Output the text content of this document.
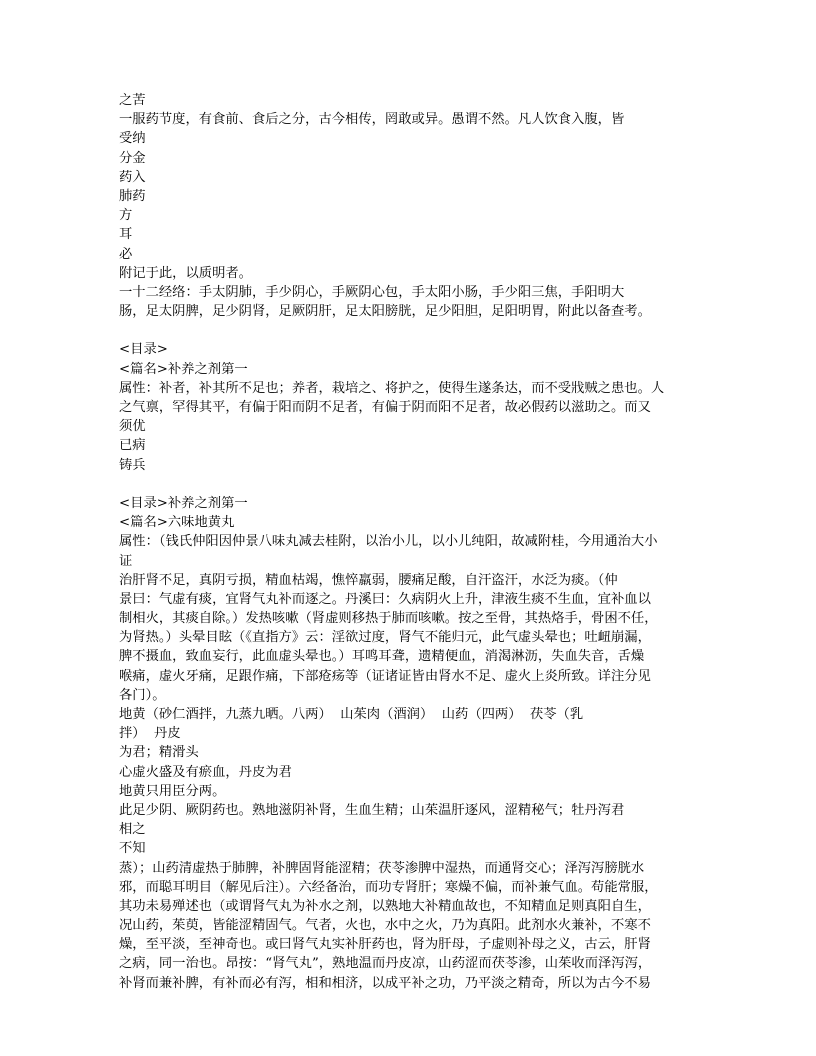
之苦
一服药节度，有食前、食后之分，古今相传，罔敢或异。愚谓不然。凡人饮食入腹，皆
受纳
分金
药入
肺药
方
耳
必
附记于此，以质明者。
一十二经络：手太阴肺，手少阴心，手厥阴心包，手太阳小肠，手少阳三焦，手阳明大
肠，足太阴脾，足少阴肾，足厥阴肝，足太阳膀胱，足少阳胆，足阳明胃，附此以备查考。
<目录>
<篇名>补养之剂第一
属性：补者，补其所不足也；养者，栽培之、将护之，使得生遂条达，而不受戕贼之患也。人
之气禀，罕得其平，有偏于阳而阴不足者，有偏于阴而阳不足者，故必假药以滋助之。而又
须优
已病
铸兵
<目录>补养之剂第一
<篇名>六味地黄丸
属性：（钱氏仲阳因仲景八味丸减去桂附，以治小儿，以小儿纯阳，故减附桂，今用通治大小
证
治肝肾不足，真阴亏损，精血枯竭，憔悴羸弱，腰痛足酸，自汗盗汗，水泛为痰。（仲
景曰：气虚有痰，宜肾气丸补而逐之。丹溪曰：久病阴火上升，津液生痰不生血，宜补血以
制相火，其痰自除。）发热咳嗽（肾虚则移热于肺而咳嗽。按之至骨，其热烙手，骨困不任，
为肾热。）头晕目眩（《直指方》云：淫欲过度，肾气不能归元，此气虚头晕也；吐衄崩漏，
脾不摄血，致血妄行，此血虚头晕也。）耳鸣耳聋，遗精便血，消渴淋沥，失血失音，舌燥
喉痛，虚火牙痛，足跟作痛，下部疮疡等（证诸证皆由肾水不足、虚火上炎所致。详注分见
各门）。
地黄（砂仁酒拌，九蒸九晒。八两）  山茱肉（酒润）  山药（四两）  茯苓（乳
拌）  丹皮
为君；精滑头
心虚火盛及有瘀血，丹皮为君
地黄只用臣分两。
此足少阴、厥阴药也。熟地滋阴补肾，生血生精；山茱温肝逐风，涩精秘气；牡丹泻君
相之
不知
蒸）；山药清虚热于肺脾，补脾固肾能涩精；茯苓渗脾中湿热，而通肾交心；泽泻泻膀胱水
邪，而聪耳明目（解见后注）。六经备治，而功专肾肝；寒燥不偏，而补兼气血。苟能常服，
其功未易殚述也（或谓肾气丸为补水之剂，以熟地大补精血故也，不知精血足则真阳自生，
况山药，茱萸，皆能涩精固气。气者，火也，水中之火，乃为真阳。此剂水火兼补，不寒不
燥，至平淡，至神奇也。或曰肾气丸实补肝药也，肾为肝母，子虚则补母之义，古云，肝肾
之病，同一治也。昂按：“肾气丸”，熟地温而丹皮凉，山药涩而茯苓渗，山茱收而泽泻泻，
补肾而兼补脾，有补而必有泻，相和相济，以成平补之功，乃平淡之精奇，所以为古今不易
